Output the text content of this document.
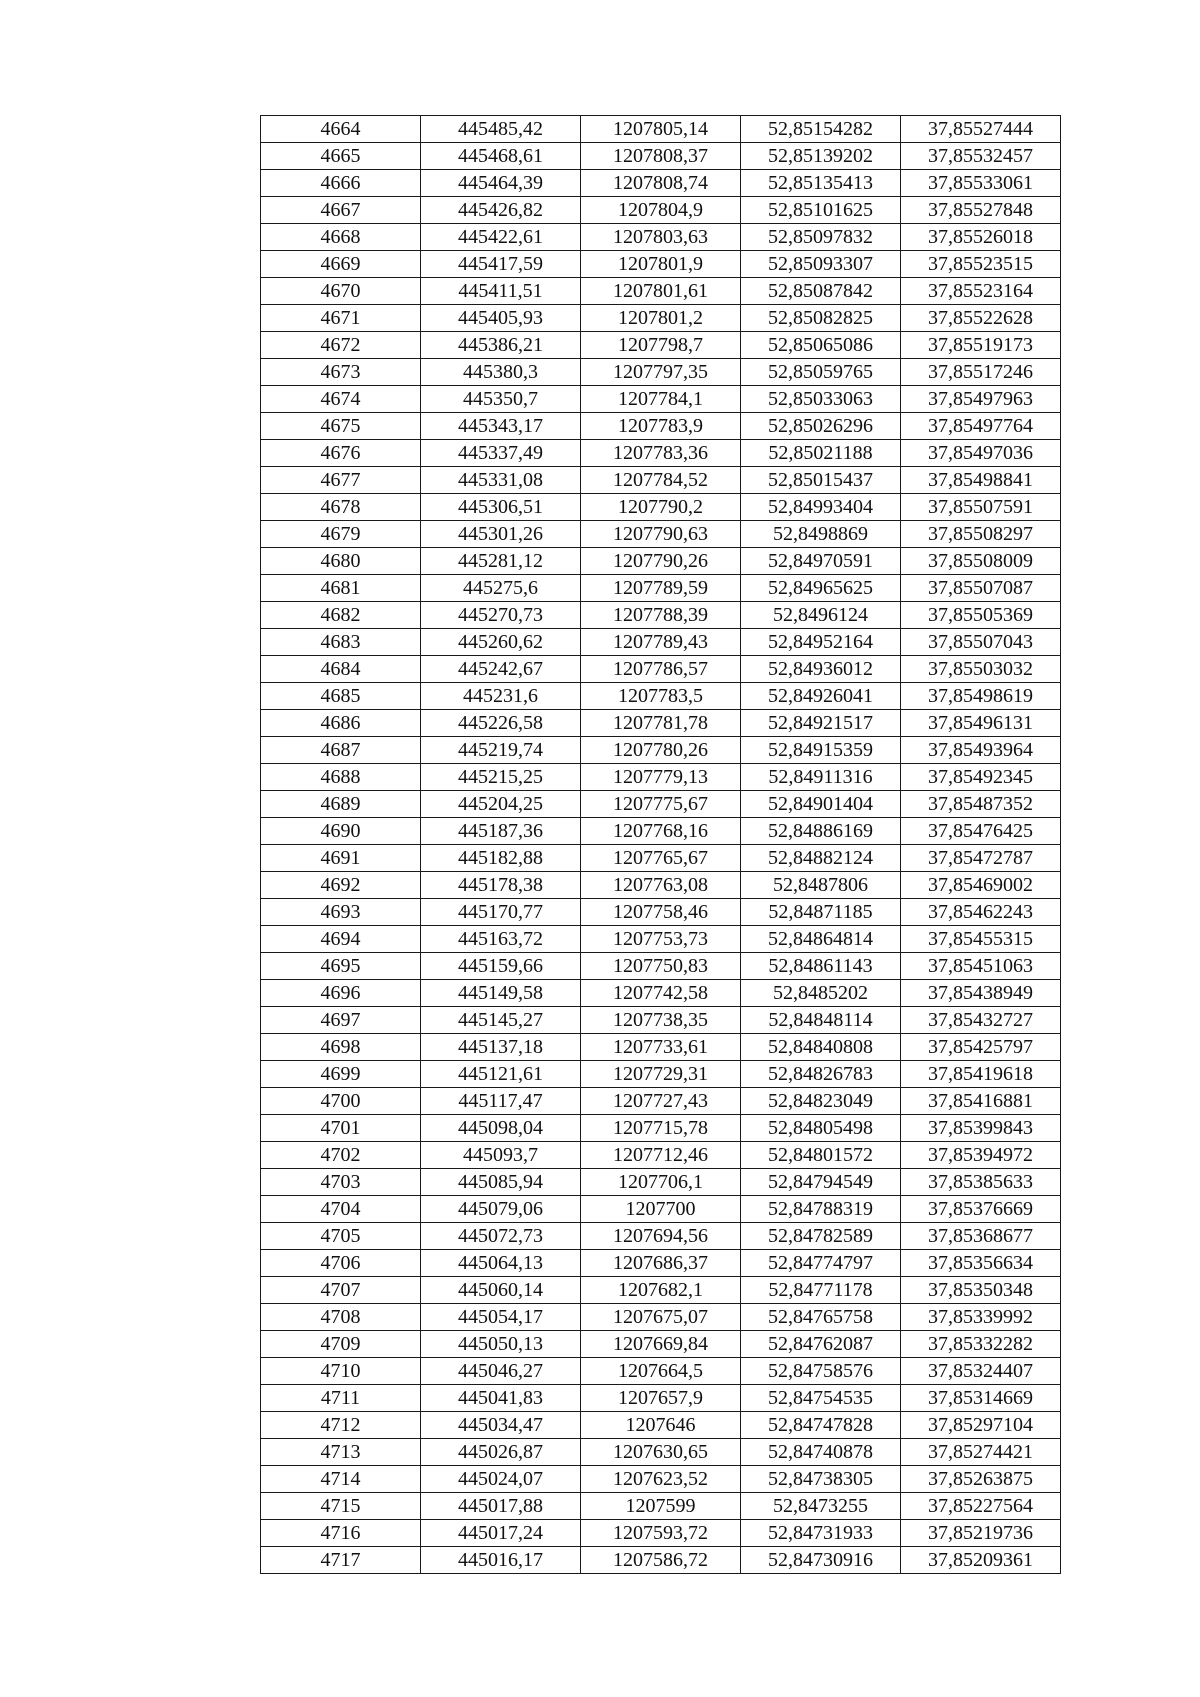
4664	445485,42	1207805,14	52,85154282	37,85527444
4665	445468,61	1207808,37	52,85139202	37,85532457
4666	445464,39	1207808,74	52,85135413	37,85533061
4667	445426,82	1207804,9	52,85101625	37,85527848
4668	445422,61	1207803,63	52,85097832	37,85526018
4669	445417,59	1207801,9	52,85093307	37,85523515
4670	445411,51	1207801,61	52,85087842	37,85523164
4671	445405,93	1207801,2	52,85082825	37,85522628
4672	445386,21	1207798,7	52,85065086	37,85519173
4673	445380,3	1207797,35	52,85059765	37,85517246
4674	445350,7	1207784,1	52,85033063	37,85497963
4675	445343,17	1207783,9	52,85026296	37,85497764
4676	445337,49	1207783,36	52,85021188	37,85497036
4677	445331,08	1207784,52	52,85015437	37,85498841
4678	445306,51	1207790,2	52,84993404	37,85507591
4679	445301,26	1207790,63	52,8498869	37,85508297
4680	445281,12	1207790,26	52,84970591	37,85508009
4681	445275,6	1207789,59	52,84965625	37,85507087
4682	445270,73	1207788,39	52,8496124	37,85505369
4683	445260,62	1207789,43	52,84952164	37,85507043
4684	445242,67	1207786,57	52,84936012	37,85503032
4685	445231,6	1207783,5	52,84926041	37,85498619
4686	445226,58	1207781,78	52,84921517	37,85496131
4687	445219,74	1207780,26	52,84915359	37,85493964
4688	445215,25	1207779,13	52,84911316	37,85492345
4689	445204,25	1207775,67	52,84901404	37,85487352
4690	445187,36	1207768,16	52,84886169	37,85476425
4691	445182,88	1207765,67	52,84882124	37,85472787
4692	445178,38	1207763,08	52,8487806	37,85469002
4693	445170,77	1207758,46	52,84871185	37,85462243
4694	445163,72	1207753,73	52,84864814	37,85455315
4695	445159,66	1207750,83	52,84861143	37,85451063
4696	445149,58	1207742,58	52,8485202	37,85438949
4697	445145,27	1207738,35	52,84848114	37,85432727
4698	445137,18	1207733,61	52,84840808	37,85425797
4699	445121,61	1207729,31	52,84826783	37,85419618
4700	445117,47	1207727,43	52,84823049	37,85416881
4701	445098,04	1207715,78	52,84805498	37,85399843
4702	445093,7	1207712,46	52,84801572	37,85394972
4703	445085,94	1207706,1	52,84794549	37,85385633
4704	445079,06	1207700	52,84788319	37,85376669
4705	445072,73	1207694,56	52,84782589	37,85368677
4706	445064,13	1207686,37	52,84774797	37,85356634
4707	445060,14	1207682,1	52,84771178	37,85350348
4708	445054,17	1207675,07	52,84765758	37,85339992
4709	445050,13	1207669,84	52,84762087	37,85332282
4710	445046,27	1207664,5	52,84758576	37,85324407
4711	445041,83	1207657,9	52,84754535	37,85314669
4712	445034,47	1207646	52,84747828	37,85297104
4713	445026,87	1207630,65	52,84740878	37,85274421
4714	445024,07	1207623,52	52,84738305	37,85263875
4715	445017,88	1207599	52,8473255	37,85227564
4716	445017,24	1207593,72	52,84731933	37,85219736
4717	445016,17	1207586,72	52,84730916	37,85209361
